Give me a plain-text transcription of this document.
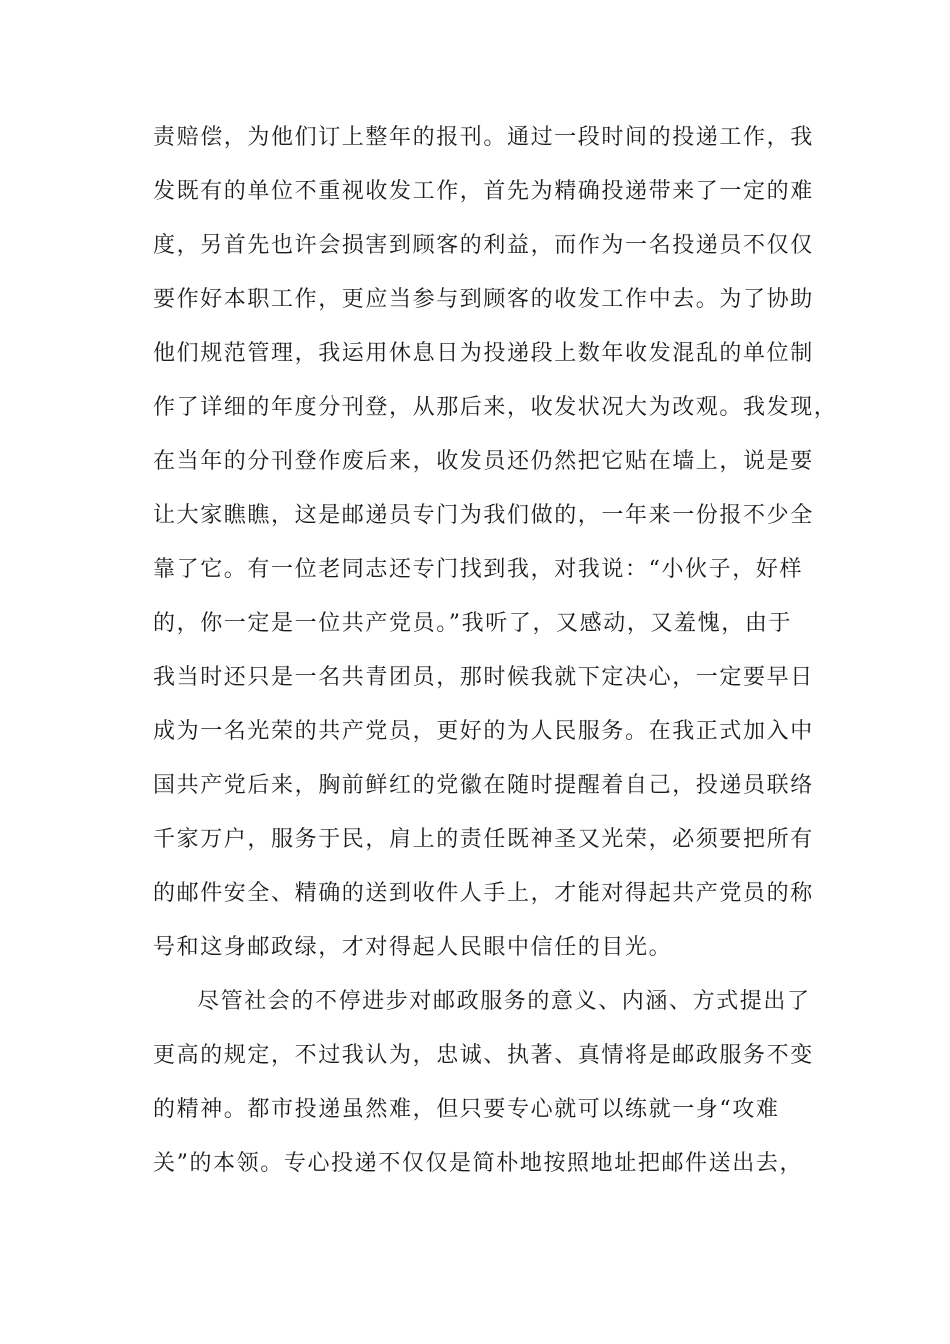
责赔偿，为他们订上整年的报刊。通过一段时间的投递工作，我
发既有的单位不重视收发工作，首先为精确投递带来了一定的难
度，另首先也许会损害到顾客的利益，而作为一名投递员不仅仅
要作好本职工作，更应当参与到顾客的收发工作中去。为了协助
他们规范管理，我运用休息日为投递段上数年收发混乱的单位制
作了详细的年度分刊登，从那后来，收发状况大为改观。我发现，
在当年的分刊登作废后来，收发员还仍然把它贴在墙上，说是要
让大家瞧瞧，这是邮递员专门为我们做的，一年来一份报不少全
靠了它。有一位老同志还专门找到我，对我说：“小伙子，好样
的，你一定是一位共产党员。”我听了，又感动，又羞愧，由于
我当时还只是一名共青团员，那时候我就下定决心，一定要早日
成为一名光荣的共产党员，更好的为人民服务。在我正式加入中
国共产党后来，胸前鲜红的党徽在随时提醒着自己，投递员联络
千家万户，服务于民，肩上的责任既神圣又光荣，必须要把所有
的邮件安全、精确的送到收件人手上，才能对得起共产党员的称
号和这身邮政绿，才对得起人民眼中信任的目光。
尽管社会的不停进步对邮政服务的意义、内涵、方式提出了
更高的规定，不过我认为，忠诚、执著、真情将是邮政服务不变
的精神。都市投递虽然难，但只要专心就可以练就一身“攻难
关”的本领。专心投递不仅仅是简朴地按照地址把邮件送出去，
